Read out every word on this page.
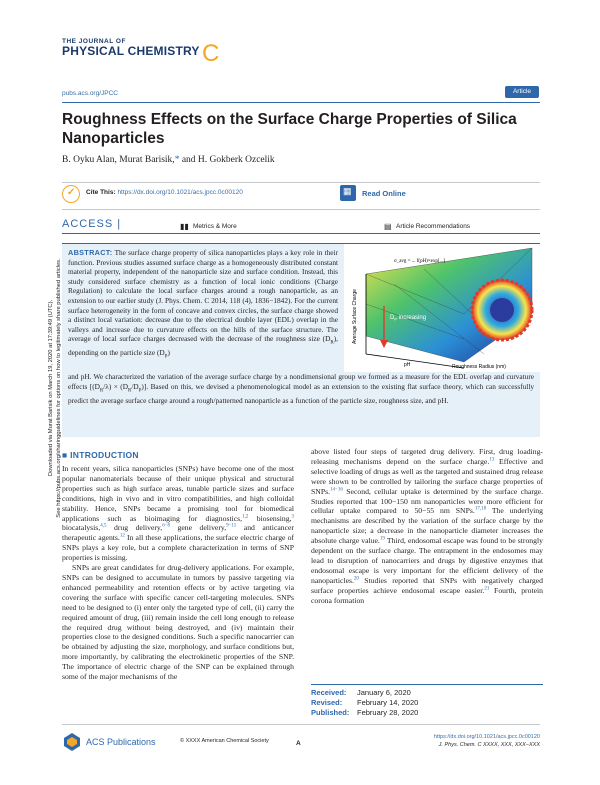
Downloaded via Murat Barisik on March 19, 2020 at 17:39:49 (UTC). See https://pubs.acs.org/sharingguidelines for options on how to legitimately share published articles.
THE JOURNAL OF
PHYSICAL CHEMISTRY C
pubs.acs.org/JPCC	Article
Roughness Effects on the Surface Charge Properties of Silica Nanoparticles
B. Oyku Alan, Murat Barisik,* and H. Gokberk Ozcelik
✓
Cite This: https://dx.doi.org/10.1021/acs.jpcc.0c00120
▦	Read Online
ACCESS |	▮▮ Metrics & More	▤ Article Recommendations
ABSTRACT: The surface charge property of silica nanoparticles plays a key role in their function. Previous studies assumed surface charge as a homogeneously distributed constant material property, independent of the nanoparticle size and surface condition. Instead, this study considered surface chemistry as a function of local ionic conditions (Charge Regulation) to calculate the local surface charges around a rough nanoparticle, as an extension to our earlier study (J. Phys. Chem. C 2014, 118 (4), 1836−1842). For the current surface heterogeneity in the form of concave and convex circles, the surface charge showed a distinct local variation: decrease due to the electrical double layer (EDL) overlap in the valleys and increase due to curvature effects on the hills of the surface structure. The average of local surface charges decreased with the decrease of the roughness size $(D_R)$, depending on the particle size $(D_P)$
$D_P$ increasing
Average Surface Charge
pH	Roughness Radius (nm)
σ_avg = ... f(pH)×exp[...]
and pH. We characterized the variation of the average surface charge by a nondimensional group we formed as a measure for the EDL overlap and curvature effects $[(D_R/\lambda) \times (D_R/D_P)]$. Based on this, we devised a phenomenological model as an extension to the existing flat surface theory, which can successfully predict the average surface charge around a rough/patterned nanoparticle as a function of the particle size, roughness size, and pH.
■ INTRODUCTION

In recent years, silica nanoparticles (SNPs) have become one of the most popular nanomaterials because of their unique physical and structural properties such as high surface areas, tunable particle sizes and surface conditions, high in vivo and in vitro compatibilities, and high colloidal stability. Hence, SNPs became a promising tool for biomedical applications such as bioimaging for diagnostics,$^{1,2}$ biosensing,$^3$ biocatalysis,$^{4,5}$ drug delivery,$^{6-8}$ gene delivery,$^{9-11}$ and anticancer therapeutic agents.$^{12}$ In all these applications, the surface electric charge of SNPs plays a key role, but a complete characterization in terms of SNP properties is missing.

SNPs are great candidates for drug-delivery applications. For example, SNPs can be designed to accumulate in tumors by passive targeting via enhanced permeability and retention effects or by active targeting via covering the surface with specific cancer cell-targeting molecules. SNPs need to be designed to (i) enter only the targeted type of cell, (ii) carry the required amount of drug, (iii) remain inside the cell long enough to release the required drug without being destroyed, and (iv) maintain their properties close to the designed conditions. Such a specific nanocarrier can be obtained by adjusting the size, morphology, and surface conditions but, more importantly, by calibrating the electrokinetic properties of the SNP. The importance of electric charge of the SNP can be explained through some of the major mechanisms of the

above listed four steps of targeted drug delivery. First, drug loading-releasing mechanisms depend on the surface charge.$^{13}$ Effective and selective loading of drugs as well as the targeted and sustained drug release were shown to be controlled by tailoring the surface charge properties of SNPs.$^{14-16}$ Second, cellular uptake is determined by the surface charge. Studies reported that 100−150 nm nanoparticles were more efficient for cellular uptake compared to 50−55 nm SNPs.$^{17,18}$ The underlying mechanisms are described by the variation of the surface charge by the nanoparticle size; a decrease in the nanoparticle diameter increases the absolute charge value.$^{19}$ Third, endosomal escape was found to be strongly dependent on the surface charge. The entrapment in the endosomes may lead to disruption of nanocarriers and drugs by digestive enzymes that endosomal escape is very important for the efficient delivery of the nanoparticles.$^{20}$ Studies reported that SNPs with negatively charged surface properties achieve endosomal escape easier.$^{21}$ Fourth, protein corona formation

Received: January 6, 2020
Revised: February 14, 2020
Published: February 28, 2020
ACS Publications	© XXXX American Chemical Society	A
https://dx.doi.org/10.1021/acs.jpcc.0c00120
J. Phys. Chem. C XXXX, XXX, XXX−XXX
